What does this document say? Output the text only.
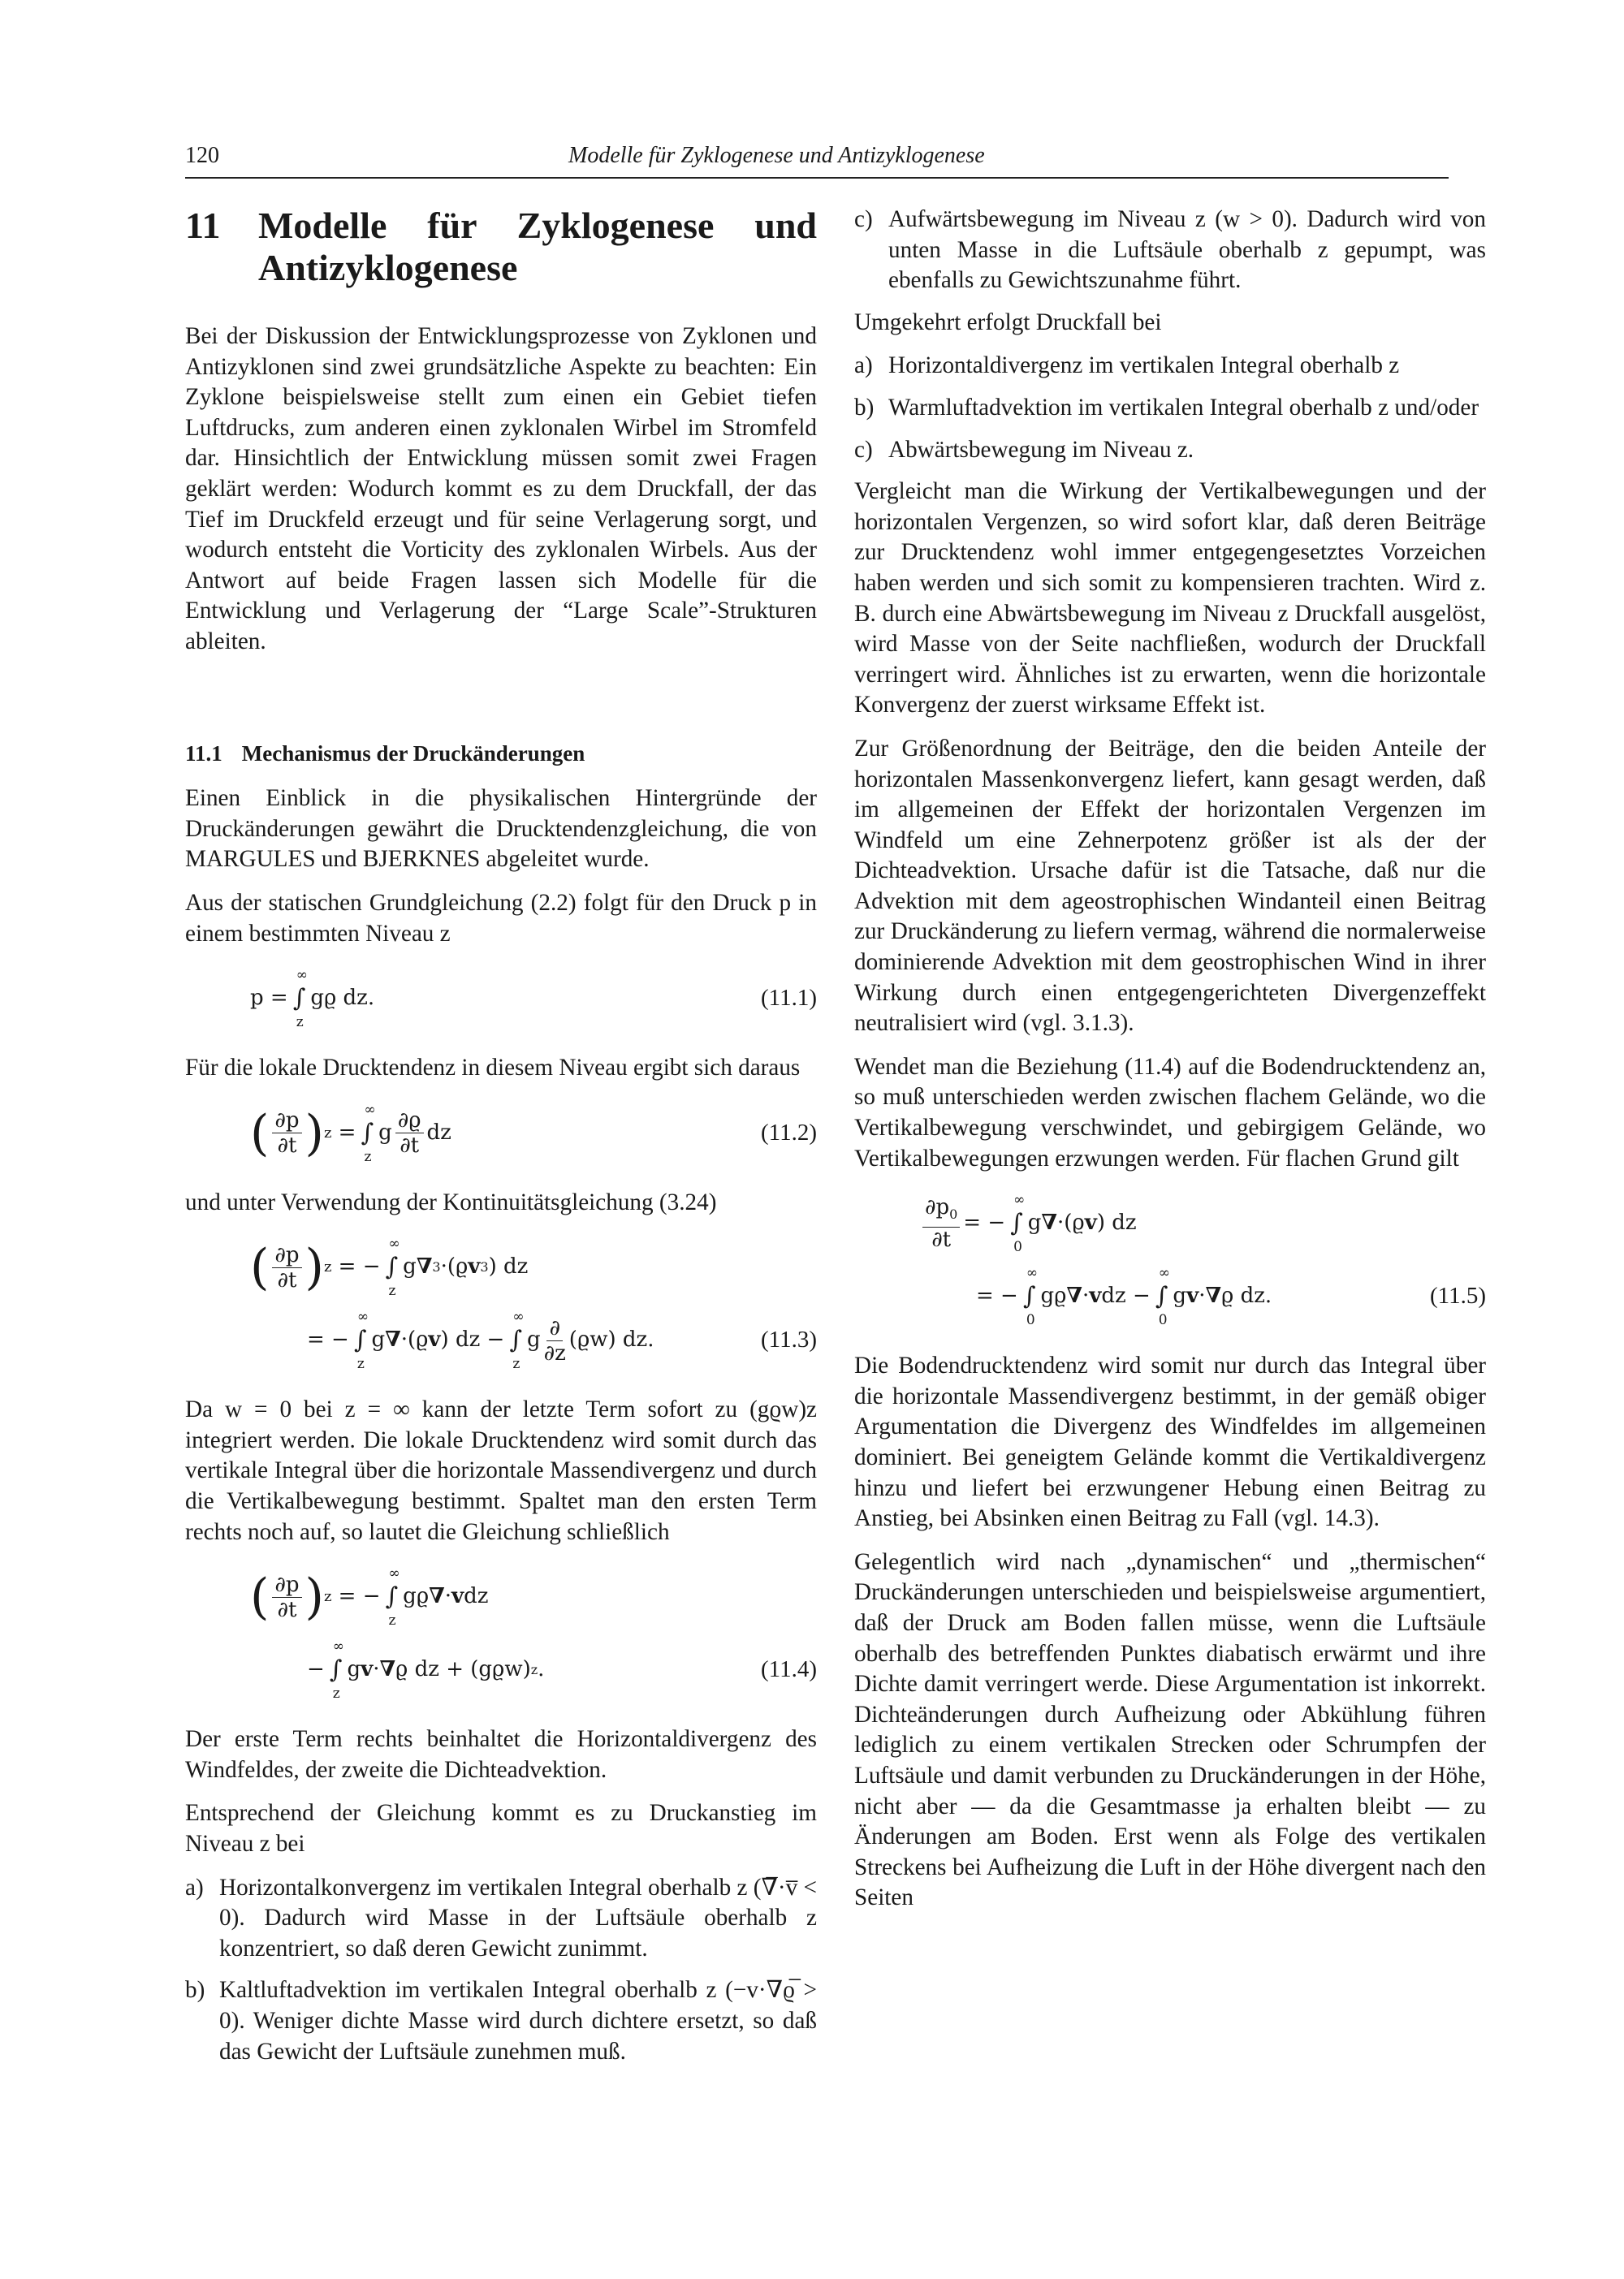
120	Modelle für Zyklogenese und Antizyklogenese
11	Modelle für Zyklogenese und Antizyklogenese

Bei der Diskussion der Entwicklungsprozesse von Zyklonen und Antizyklonen sind zwei grundsätzliche Aspekte zu beachten: Ein Zyklone beispielsweise stellt zum einen ein Gebiet tiefen Luftdrucks, zum anderen einen zyklonalen Wirbel im Stromfeld dar. Hinsichtlich der Entwicklung müssen somit zwei Fragen geklärt werden: Wodurch kommt es zu dem Druckfall, der das Tief im Druckfeld erzeugt und für seine Verlagerung sorgt, und wodurch entsteht die Vorticity des zyklonalen Wirbels. Aus der Antwort auf beide Fragen lassen sich Modelle für die Entwicklung und Verlagerung der “Large Scale”-Strukturen ableiten.

11.1 Mechanismus der Druckänderungen

Einen Einblick in die physikalischen Hintergründe der Druckänderungen gewährt die Drucktendenzgleichung, die von MARGULES und BJERKNES abgeleitet wurde.

Aus der statischen Grundgleichung (2.2) folgt für den Druck p in einem bestimmten Niveau z

p = ∫
∞
z
gϱ dz.	(11.1)

Für die lokale Drucktendenz in diesem Niveau ergibt sich daraus

( $\frac{\partial p}{\partial t}$ ) z = ∫
∞
z
g $\frac{\partial ϱ}{\partial t}$ dz	(11.2)

und unter Verwendung der Kontinuitätsgleichung (3.24)

( $\frac{\partial p}{\partial t}$ ) z = − ∫
∞
z
g ∇ 3 ·(ϱ v 3 ) dz
= − ∫
∞
z
g ∇ ·(ϱ v ) dz − ∫
∞
z
g $\frac{\partial}{\partial z} (ϱw)$ dz.	(11.3)

Da w = 0 bei z = ∞ kann der letzte Term sofort zu (gϱw)z integriert werden. Die lokale Drucktendenz wird somit durch das vertikale Integral über die horizontale Massendivergenz und durch die Vertikalbewegung bestimmt. Spaltet man den ersten Term rechts noch auf, so lautet die Gleichung schließlich

( $\frac{\partial p}{\partial t}$ ) z = − ∫
∞
z
gϱ ∇ · v dz
− ∫
∞
z
g v · ∇ ϱ dz + (gϱw) z .	(11.4)

Der erste Term rechts beinhaltet die Horizontaldivergenz des Windfeldes, der zweite die Dichteadvektion.

Entsprechend der Gleichung kommt es zu Druckanstieg im Niveau z bei

a) Horizontalkonvergenz im vertikalen Integral oberhalb z (∇̅·v̅ < 0). Dadurch wird Masse in der Luftsäule oberhalb z konzentriert, so daß deren Gewicht zunimmt.
b) Kaltluftadvektion im vertikalen Integral oberhalb z (−v·∇ϱ̅ > 0). Weniger dichte Masse wird durch dichtere ersetzt, so daß das Gewicht der Luftsäule zunehmen muß.
c) Aufwärtsbewegung im Niveau z (w > 0). Dadurch wird von unten Masse in die Luftsäule oberhalb z gepumpt, was ebenfalls zu Gewichtszunahme führt.

Umgekehrt erfolgt Druckfall bei

a) Horizontaldivergenz im vertikalen Integral oberhalb z
b) Warmluftadvektion im vertikalen Integral oberhalb z und/oder
c) Abwärtsbewegung im Niveau z.

Vergleicht man die Wirkung der Vertikalbewegungen und der horizontalen Vergenzen, so wird sofort klar, daß deren Beiträge zur Drucktendenz wohl immer entgegengesetztes Vorzeichen haben werden und sich somit zu kompensieren trachten. Wird z. B. durch eine Abwärtsbewegung im Niveau z Druckfall ausgelöst, wird Masse von der Seite nachfließen, wodurch der Druckfall verringert wird. Ähnliches ist zu erwarten, wenn die horizontale Konvergenz der zuerst wirksame Effekt ist.

Zur Größenordnung der Beiträge, den die beiden Anteile der horizontalen Massenkonvergenz liefert, kann gesagt werden, daß im allgemeinen der Effekt der horizontalen Vergenzen im Windfeld um eine Zehnerpotenz größer ist als der der Dichteadvektion. Ursache dafür ist die Tatsache, daß nur die Advektion mit dem ageostrophischen Windanteil einen Beitrag zur Druckänderung zu liefern vermag, während die normalerweise dominierende Advektion mit dem geostrophischen Wind in ihrer Wirkung durch einen entgegengerichteten Divergenzeffekt neutralisiert wird (vgl. 3.1.3).

Wendet man die Beziehung (11.4) auf die Bodendrucktendenz an, so muß unterschieden werden zwischen flachem Gelände, wo die Vertikalbewegung verschwindet, und gebirgigem Gelände, wo Vertikalbewegungen erzwungen werden. Für flachen Grund gilt

$\frac{\partial p_0}{\partial t}$ = − ∫
∞
0
g ∇ ·(ϱ v ) dz
= − ∫
∞
0
gϱ ∇ · v dz − ∫
∞
0
g v · ∇ ϱ dz.	(11.5)

Die Bodendrucktendenz wird somit nur durch das Integral über die horizontale Massendivergenz bestimmt, in der gemäß obiger Argumentation die Divergenz des Windfeldes im allgemeinen dominiert. Bei geneigtem Gelände kommt die Vertikaldivergenz hinzu und liefert bei erzwungener Hebung einen Beitrag zu Anstieg, bei Absinken einen Beitrag zu Fall (vgl. 14.3).

Gelegentlich wird nach „dynamischen“ und „thermischen“ Druckänderungen unterschieden und beispielsweise argumentiert, daß der Druck am Boden fallen müsse, wenn die Luftsäule oberhalb des betreffenden Punktes diabatisch erwärmt und ihre Dichte damit verringert werde. Diese Argumentation ist inkorrekt. Dichteänderungen durch Aufheizung oder Abkühlung führen lediglich zu einem vertikalen Strecken oder Schrumpfen der Luftsäule und damit verbunden zu Druckänderungen in der Höhe, nicht aber — da die Gesamtmasse ja erhalten bleibt — zu Änderungen am Boden. Erst wenn als Folge des vertikalen Streckens bei Aufheizung die Luft in der Höhe divergent nach den Seiten
